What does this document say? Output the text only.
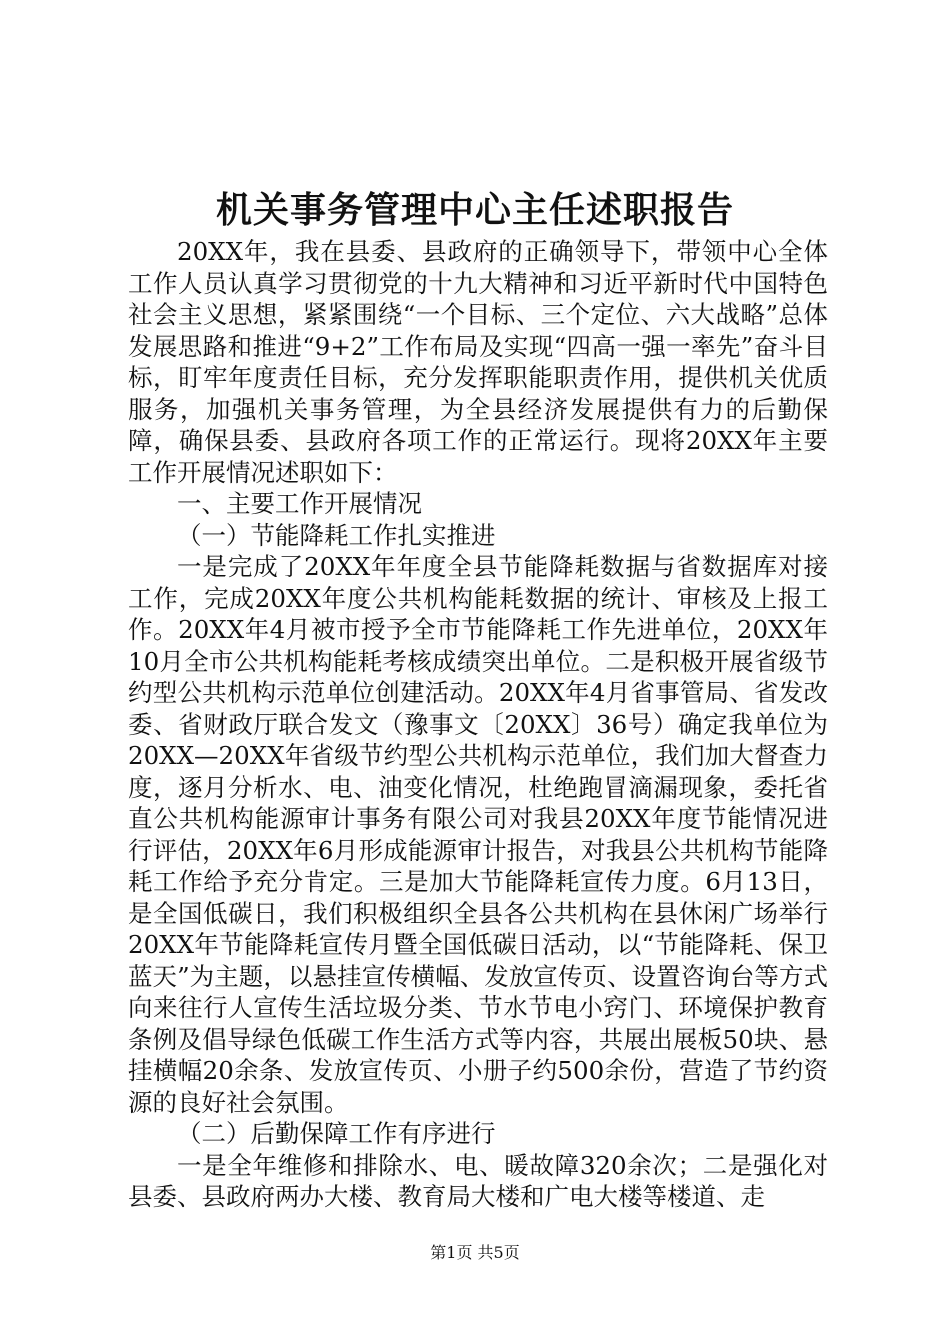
机关事务管理中心主任述职报告

20XX年，我在县委、县政府的正确领导下，带领中心全体工作人员认真学习贯彻党的十九大精神和习近平新时代中国特色社会主义思想，紧紧围绕“一个目标、三个定位、六大战略”总体发展思路和推进“9+2”工作布局及实现“四高一强一率先”奋斗目标，盯牢年度责任目标，充分发挥职能职责作用，提供机关优质服务，加强机关事务管理，为全县经济发展提供有力的后勤保障，确保县委、县政府各项工作的正常运行。现将20XX年主要工作开展情况述职如下：

一、主要工作开展情况

（一）节能降耗工作扎实推进

一是完成了20XX年年度全县节能降耗数据与省数据库对接工作，完成20XX年度公共机构能耗数据的统计、审核及上报工作。20XX年4月被市授予全市节能降耗工作先进单位，20XX年10月全市公共机构能耗考核成绩突出单位。二是积极开展省级节约型公共机构示范单位创建活动。20XX年4月省事管局、省发改委、省财政厅联合发文（豫事文〔20XX〕36号）确定我单位为20XX—20XX年省级节约型公共机构示范单位，我们加大督查力度，逐月分析水、电、油变化情况，杜绝跑冒滴漏现象，委托省直公共机构能源审计事务有限公司对我县20XX年度节能情况进行评估，20XX年6月形成能源审计报告，对我县公共机构节能降耗工作给予充分肯定。三是加大节能降耗宣传力度。6月13日，是全国低碳日，我们积极组织全县各公共机构在县休闲广场举行20XX年节能降耗宣传月暨全国低碳日活动，以“节能降耗、保卫蓝天”为主题，以悬挂宣传横幅、发放宣传页、设置咨询台等方式向来往行人宣传生活垃圾分类、节水节电小窍门、环境保护教育条例及倡导绿色低碳工作生活方式等内容，共展出展板50块、悬挂横幅20余条、发放宣传页、小册子约500余份，营造了节约资源的良好社会氛围。

（二）后勤保障工作有序进行

一是全年维修和排除水、电、暖故障320余次；二是强化对县委、县政府两办大楼、教育局大楼和广电大楼等楼道、走

第1页 共5页
